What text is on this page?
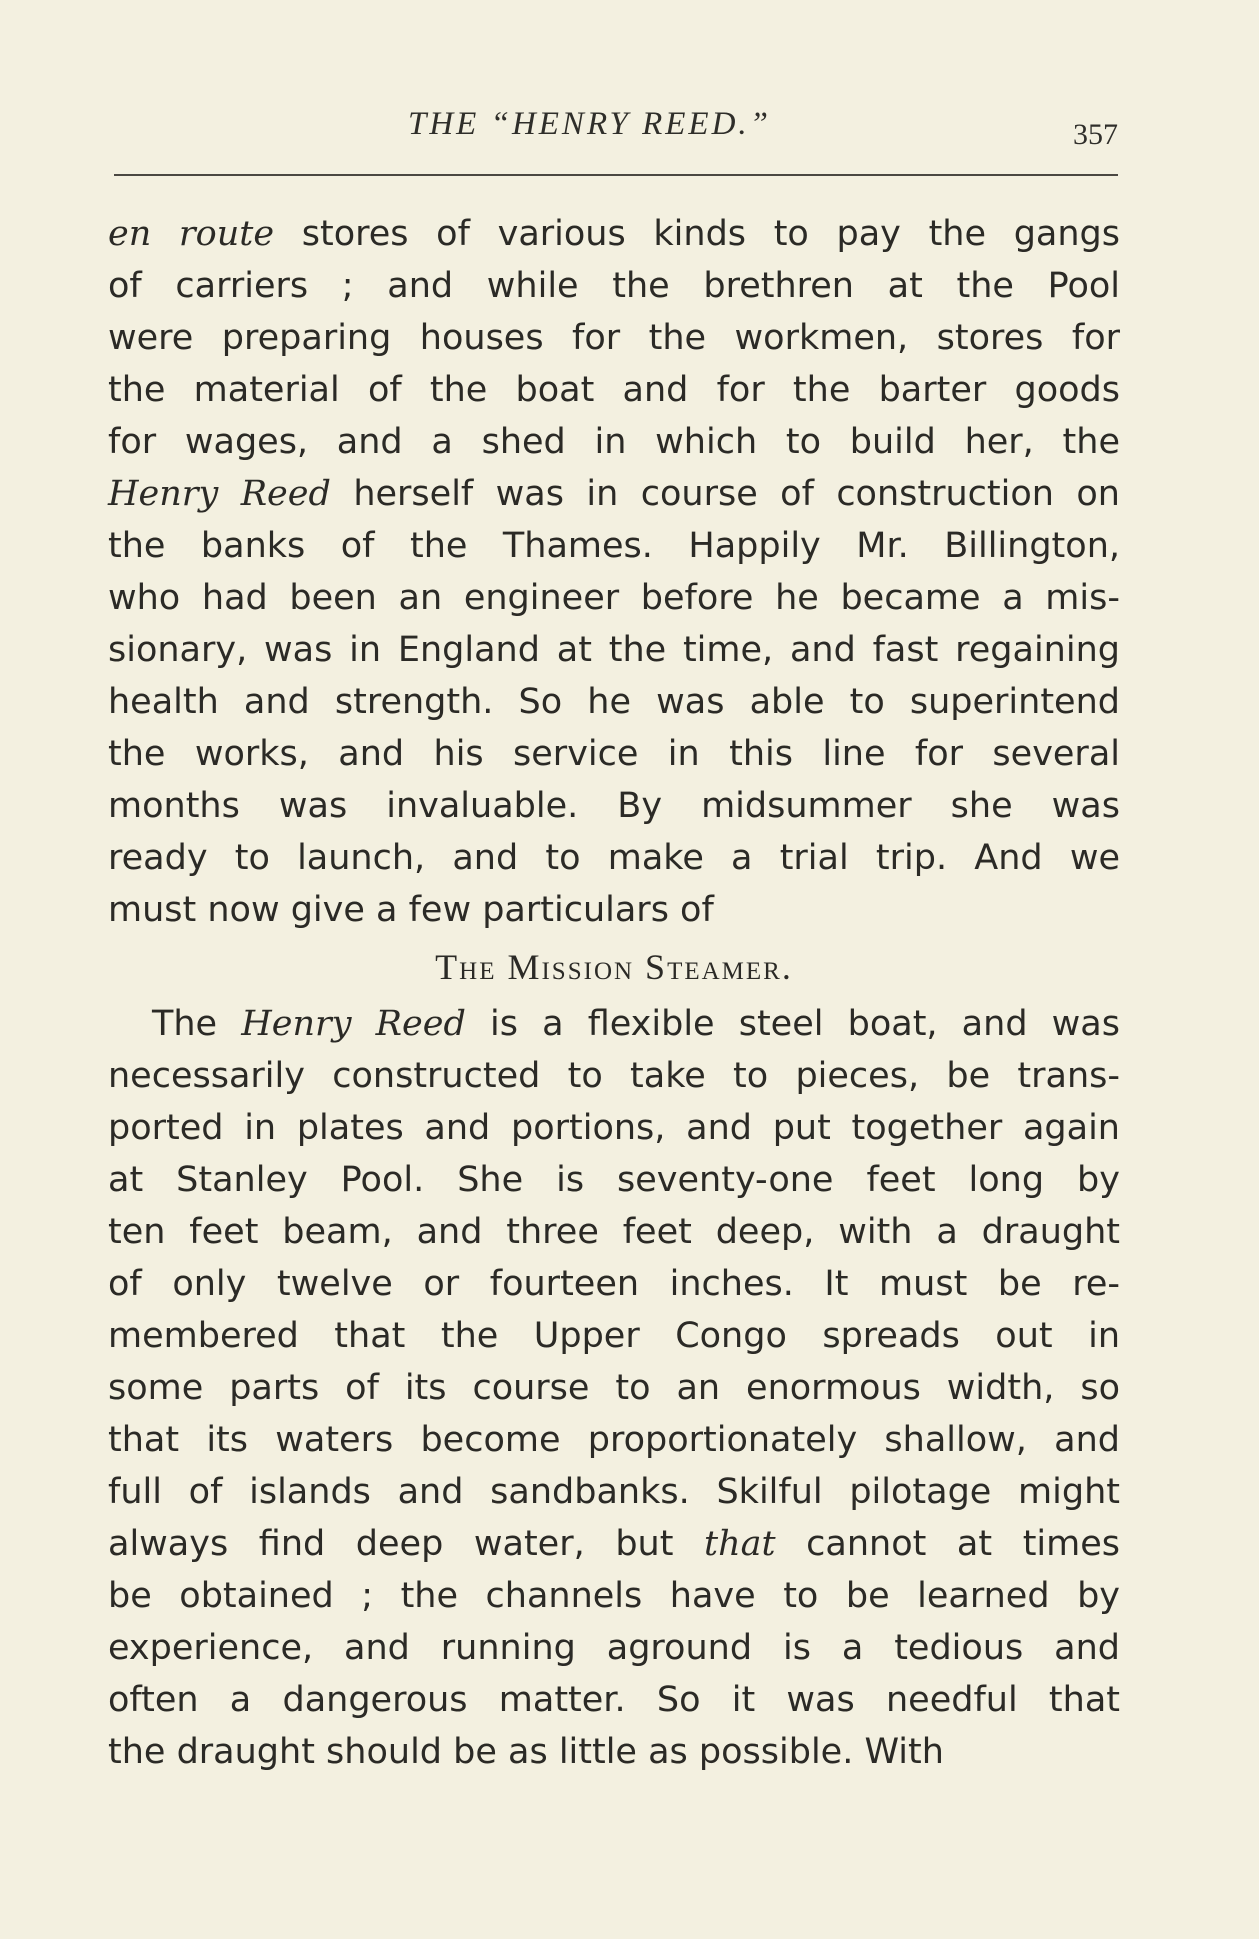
THE “HENRY REED.”	357
en route stores of various kinds to pay the gangs
of carriers ; and while the brethren at the Pool
were preparing houses for the workmen, stores for
the material of the boat and for the barter goods
for wages, and a shed in which to build her, the
Henry Reed herself was in course of construction on
the banks of the Thames. Happily Mr. Billington,
who had been an engineer before he became a mis-
sionary, was in England at the time, and fast regaining
health and strength. So he was able to superintend
the works, and his service in this line for several
months was invaluable. By midsummer she was
ready to launch, and to make a trial trip. And we
must now give a few particulars of
The Mission Steamer.
The Henry Reed is a flexible steel boat, and was
necessarily constructed to take to pieces, be trans-
ported in plates and portions, and put together again
at Stanley Pool. She is seventy-one feet long by
ten feet beam, and three feet deep, with a draught
of only twelve or fourteen inches. It must be re-
membered that the Upper Congo spreads out in
some parts of its course to an enormous width, so
that its waters become proportionately shallow, and
full of islands and sandbanks. Skilful pilotage might
always find deep water, but that cannot at times
be obtained ; the channels have to be learned by
experience, and running aground is a tedious and
often a dangerous matter. So it was needful that
the draught should be as little as possible. With
